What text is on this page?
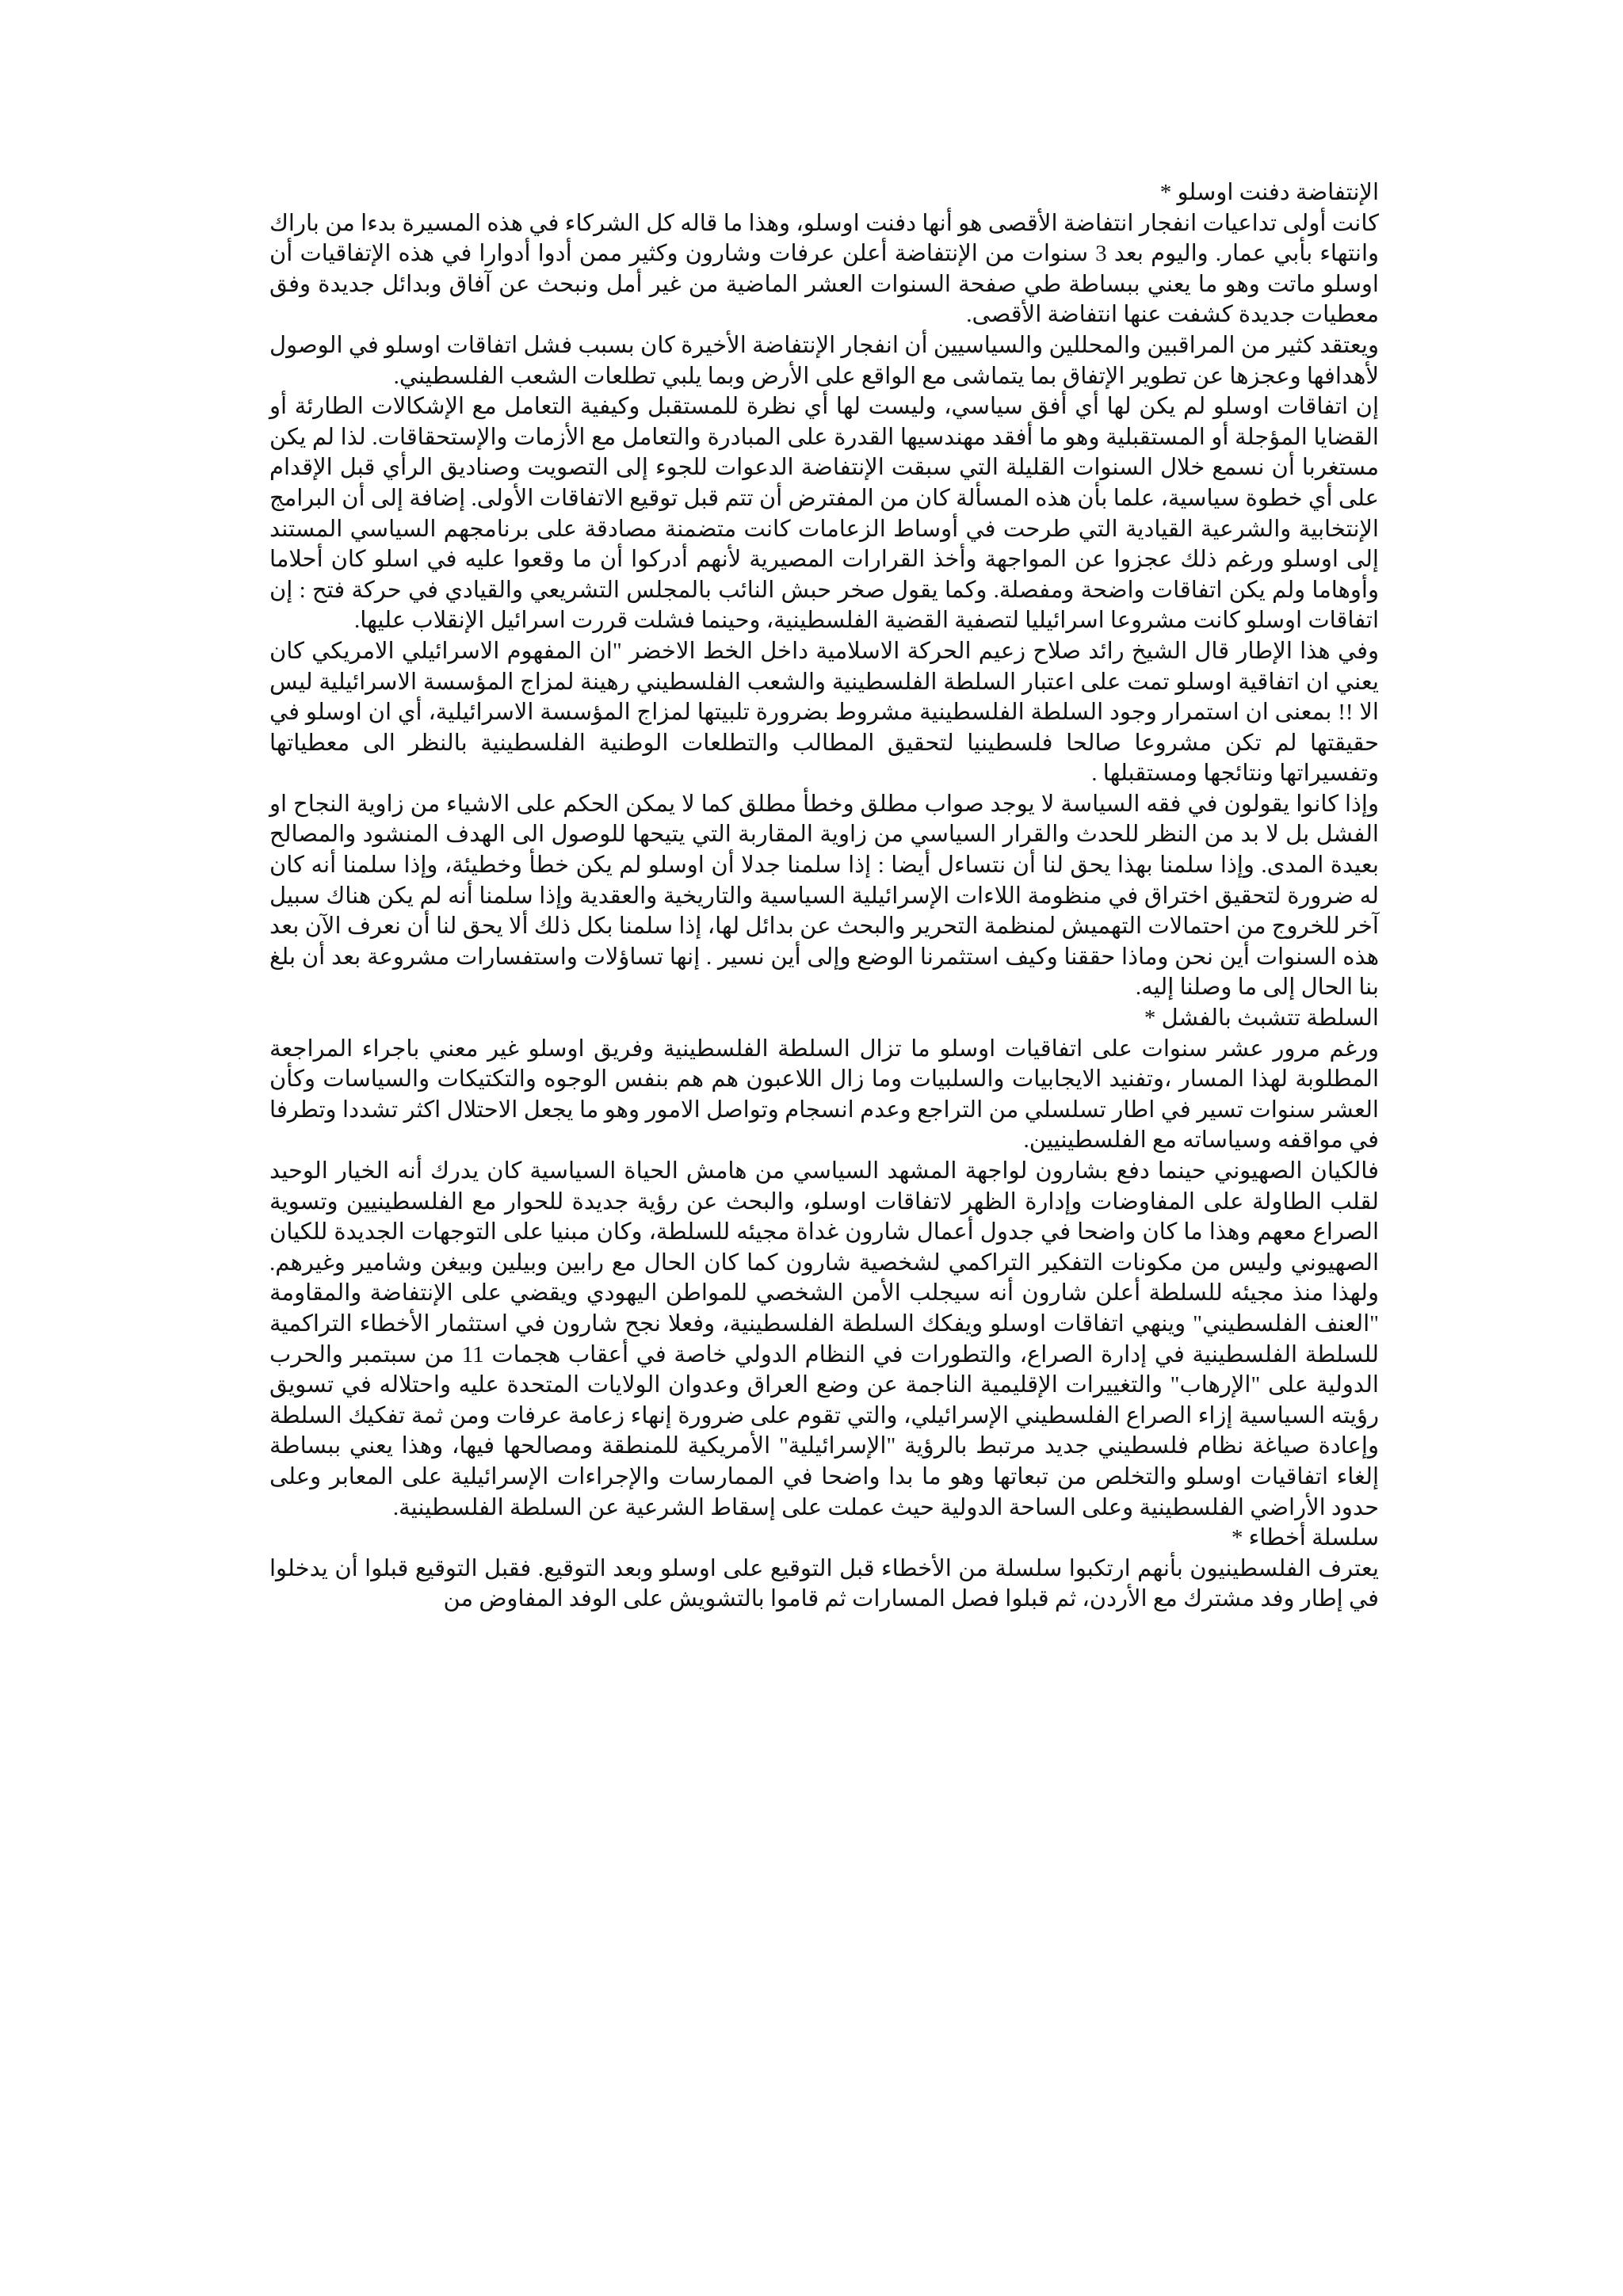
الإنتفاضة دفنت اوسلو *

كانت أولى تداعيات انفجار انتفاضة الأقصى هو أنها دفنت اوسلو، وهذا ما قاله كل الشركاء في هذه المسيرة بدءا من باراك وانتهاء بأبي عمار. واليوم بعد 3 سنوات من الإنتفاضة أعلن عرفات وشارون وكثير ممن أدوا أدوارا في هذه الإتفاقيات أن اوسلو ماتت وهو ما يعني ببساطة طي صفحة السنوات العشر الماضية من غير أمل ونبحث عن آفاق وبدائل جديدة وفق معطيات جديدة كشفت عنها انتفاضة الأقصى.

ويعتقد كثير من المراقبين والمحللين والسياسيين أن انفجار الإنتفاضة الأخيرة كان بسبب فشل اتفاقات اوسلو في الوصول لأهدافها وعجزها عن تطوير الإتفاق بما يتماشى مع الواقع على الأرض وبما يلبي تطلعات الشعب الفلسطيني.

إن اتفاقات اوسلو لم يكن لها أي أفق سياسي، وليست لها أي نظرة للمستقبل وكيفية التعامل مع الإشكالات الطارئة أو القضايا المؤجلة أو المستقبلية وهو ما أفقد مهندسيها القدرة على المبادرة والتعامل مع الأزمات والإستحقاقات. لذا لم يكن مستغربا أن نسمع خلال السنوات القليلة التي سبقت الإنتفاضة الدعوات للجوء إلى التصويت وصناديق الرأي قبل الإقدام على أي خطوة سياسية، علما بأن هذه المسألة كان من المفترض أن تتم قبل توقيع الاتفاقات الأولى. إضافة إلى أن البرامج الإنتخابية والشرعية القيادية التي طرحت في أوساط الزعامات كانت متضمنة مصادقة على برنامجهم السياسي المستند إلى اوسلو ورغم ذلك عجزوا عن المواجهة وأخذ القرارات المصيرية لأنهم أدركوا أن ما وقعوا عليه في اسلو كان أحلاما وأوهاما ولم يكن اتفاقات واضحة ومفصلة. وكما يقول صخر حبش النائب بالمجلس التشريعي والقيادي في حركة فتح : إن اتفاقات اوسلو كانت مشروعا اسرائيليا لتصفية القضية الفلسطينية، وحينما فشلت قررت اسرائيل الإنقلاب عليها.

وفي هذا الإطار قال الشيخ رائد صلاح زعيم الحركة الاسلامية داخل الخط الاخضر "ان المفهوم الاسرائيلي الامريكي كان يعني ان اتفاقية اوسلو تمت على اعتبار السلطة الفلسطينية والشعب الفلسطيني رهينة لمزاج المؤسسة الاسرائيلية ليس الا !! بمعنى ان استمرار وجود السلطة الفلسطينية مشروط بضرورة تلبيتها لمزاج المؤسسة الاسرائيلية، أي ان اوسلو في حقيقتها لم تكن مشروعا صالحا فلسطينيا لتحقيق المطالب والتطلعات الوطنية الفلسطينية بالنظر الى معطياتها وتفسيراتها ونتائجها ومستقبلها .

وإذا كانوا يقولون في فقه السياسة لا يوجد صواب مطلق وخطأ مطلق كما لا يمكن الحكم على الاشياء من زاوية النجاح او الفشل بل لا بد من النظر للحدث والقرار السياسي من زاوية المقاربة التي يتيحها للوصول الى الهدف المنشود والمصالح بعيدة المدى. وإذا سلمنا بهذا يحق لنا أن نتساءل أيضا : إذا سلمنا جدلا أن اوسلو لم يكن خطأ وخطيئة، وإذا سلمنا أنه كان له ضرورة لتحقيق اختراق في منظومة اللاءات الإسرائيلية السياسية والتاريخية والعقدية وإذا سلمنا أنه لم يكن هناك سبيل آخر للخروج من احتمالات التهميش لمنظمة التحرير والبحث عن بدائل لها، إذا سلمنا بكل ذلك ألا يحق لنا أن نعرف الآن بعد هذه السنوات أين نحن وماذا حققنا وكيف استثمرنا الوضع وإلى أين نسير . إنها تساؤلات واستفسارات مشروعة بعد أن بلغ بنا الحال إلى ما وصلنا إليه.

السلطة تتشبث بالفشل *

ورغم مرور عشر سنوات على اتفاقيات اوسلو ما تزال السلطة الفلسطينية وفريق اوسلو غير معني باجراء المراجعة المطلوبة لهذا المسار ،وتفنيد الايجابيات والسلبيات وما زال اللاعبون هم هم بنفس الوجوه والتكتيكات والسياسات وكأن العشر سنوات تسير في اطار تسلسلي من التراجع وعدم انسجام وتواصل الامور وهو ما يجعل الاحتلال اكثر تشددا وتطرفا في مواقفه وسياساته مع الفلسطينيين.

فالكيان الصهيوني حينما دفع بشارون لواجهة المشهد السياسي من هامش الحياة السياسية كان يدرك أنه الخيار الوحيد لقلب الطاولة على المفاوضات وإدارة الظهر لاتفاقات اوسلو، والبحث عن رؤية جديدة للحوار مع الفلسطينيين وتسوية الصراع معهم وهذا ما كان واضحا في جدول أعمال شارون غداة مجيئه للسلطة، وكان مبنيا على التوجهات الجديدة للكيان الصهيوني وليس من مكونات التفكير التراكمي لشخصية شارون كما كان الحال مع رابين وبيلين وبيغن وشامير وغيرهم. ولهذا منذ مجيئه للسلطة أعلن شارون أنه سيجلب الأمن الشخصي للمواطن اليهودي ويقضي على الإنتفاضة والمقاومة "العنف الفلسطيني" وينهي اتفاقات اوسلو ويفكك السلطة الفلسطينية، وفعلا نجح شارون في استثمار الأخطاء التراكمية للسلطة الفلسطينية في إدارة الصراع، والتطورات في النظام الدولي خاصة في أعقاب هجمات 11 من سبتمبر والحرب الدولية على "الإرهاب" والتغييرات الإقليمية الناجمة عن وضع العراق وعدوان الولايات المتحدة عليه واحتلاله في تسويق رؤيته السياسية إزاء الصراع الفلسطيني الإسرائيلي، والتي تقوم على ضرورة إنهاء زعامة عرفات ومن ثمة تفكيك السلطة وإعادة صياغة نظام فلسطيني جديد مرتبط بالرؤية "الإسرائيلية" الأمريكية للمنطقة ومصالحها فيها، وهذا يعني ببساطة إلغاء اتفاقيات اوسلو والتخلص من تبعاتها وهو ما بدا واضحا في الممارسات والإجراءات الإسرائيلية على المعابر وعلى حدود الأراضي الفلسطينية وعلى الساحة الدولية حيث عملت على إسقاط الشرعية عن السلطة الفلسطينية.

سلسلة أخطاء *

يعترف الفلسطينيون بأنهم ارتكبوا سلسلة من الأخطاء قبل التوقيع على اوسلو وبعد التوقيع. فقبل التوقيع قبلوا أن يدخلوا في إطار وفد مشترك مع الأردن، ثم قبلوا فصل المسارات ثم قاموا بالتشويش على الوفد المفاوض من
